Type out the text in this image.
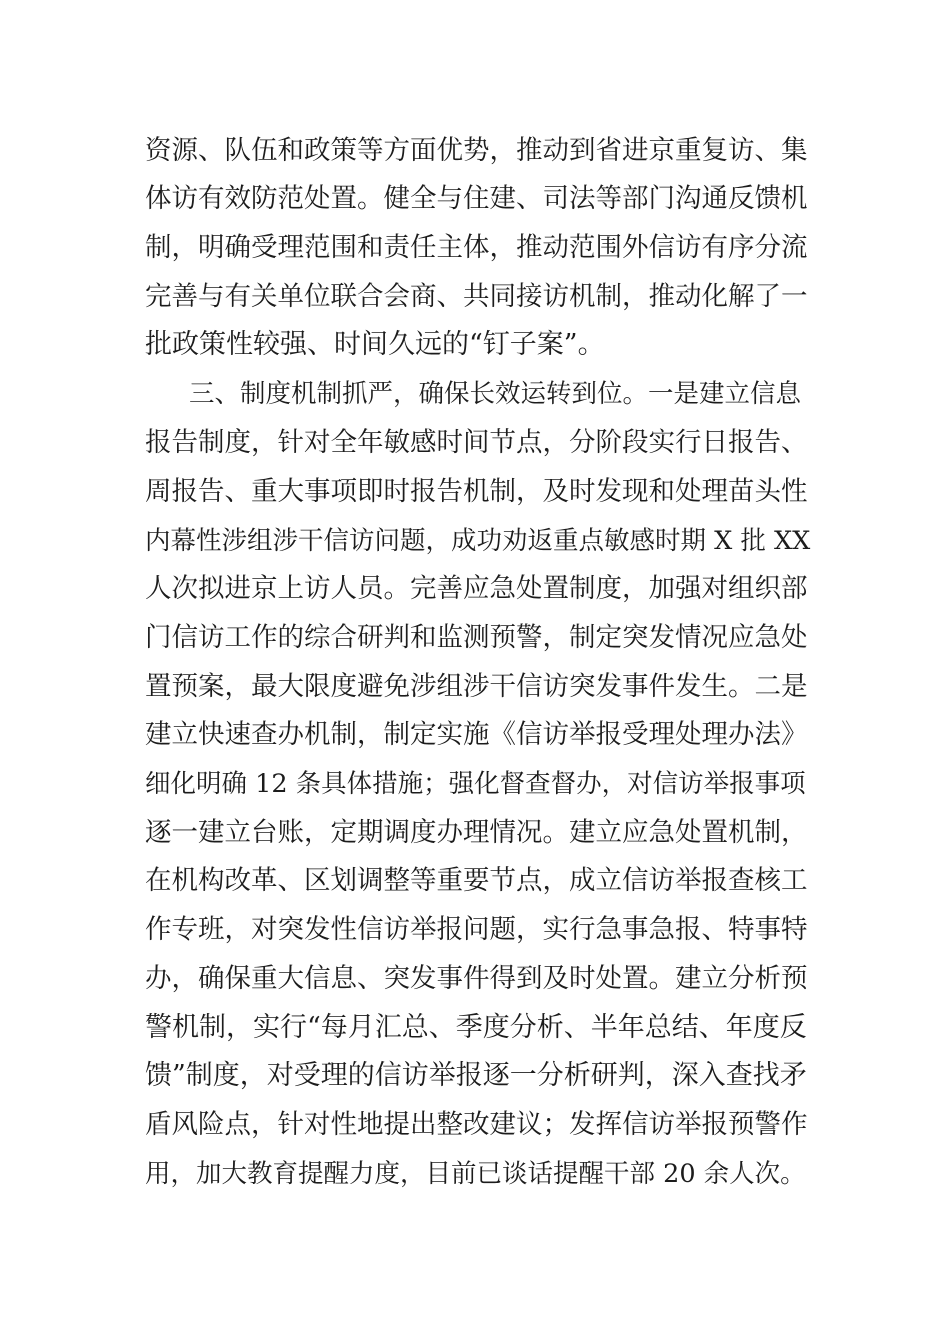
资源、队伍和政策等方面优势，推动到省进京重复访、集
体访有效防范处置。健全与住建、司法等部门沟通反馈机
制，明确受理范围和责任主体，推动范围外信访有序分流
完善与有关单位联合会商、共同接访机制，推动化解了一
批政策性较强、时间久远的“钉子案”。
三、制度机制抓严，确保长效运转到位。一是建立信息
报告制度，针对全年敏感时间节点，分阶段实行日报告、
周报告、重大事项即时报告机制，及时发现和处理苗头性
内幕性涉组涉干信访问题，成功劝返重点敏感时期 X 批 XX
人次拟进京上访人员。完善应急处置制度，加强对组织部
门信访工作的综合研判和监测预警，制定突发情况应急处
置预案，最大限度避免涉组涉干信访突发事件发生。二是
建立快速查办机制，制定实施《信访举报受理处理办法》
细化明确 12 条具体措施；强化督查督办，对信访举报事项
逐一建立台账，定期调度办理情况。建立应急处置机制，
在机构改革、区划调整等重要节点，成立信访举报查核工
作专班，对突发性信访举报问题，实行急事急报、特事特
办，确保重大信息、突发事件得到及时处置。建立分析预
警机制，实行“每月汇总、季度分析、半年总结、年度反
馈”制度，对受理的信访举报逐一分析研判，深入查找矛
盾风险点，针对性地提出整改建议；发挥信访举报预警作
用，加大教育提醒力度，目前已谈话提醒干部 20 余人次。
